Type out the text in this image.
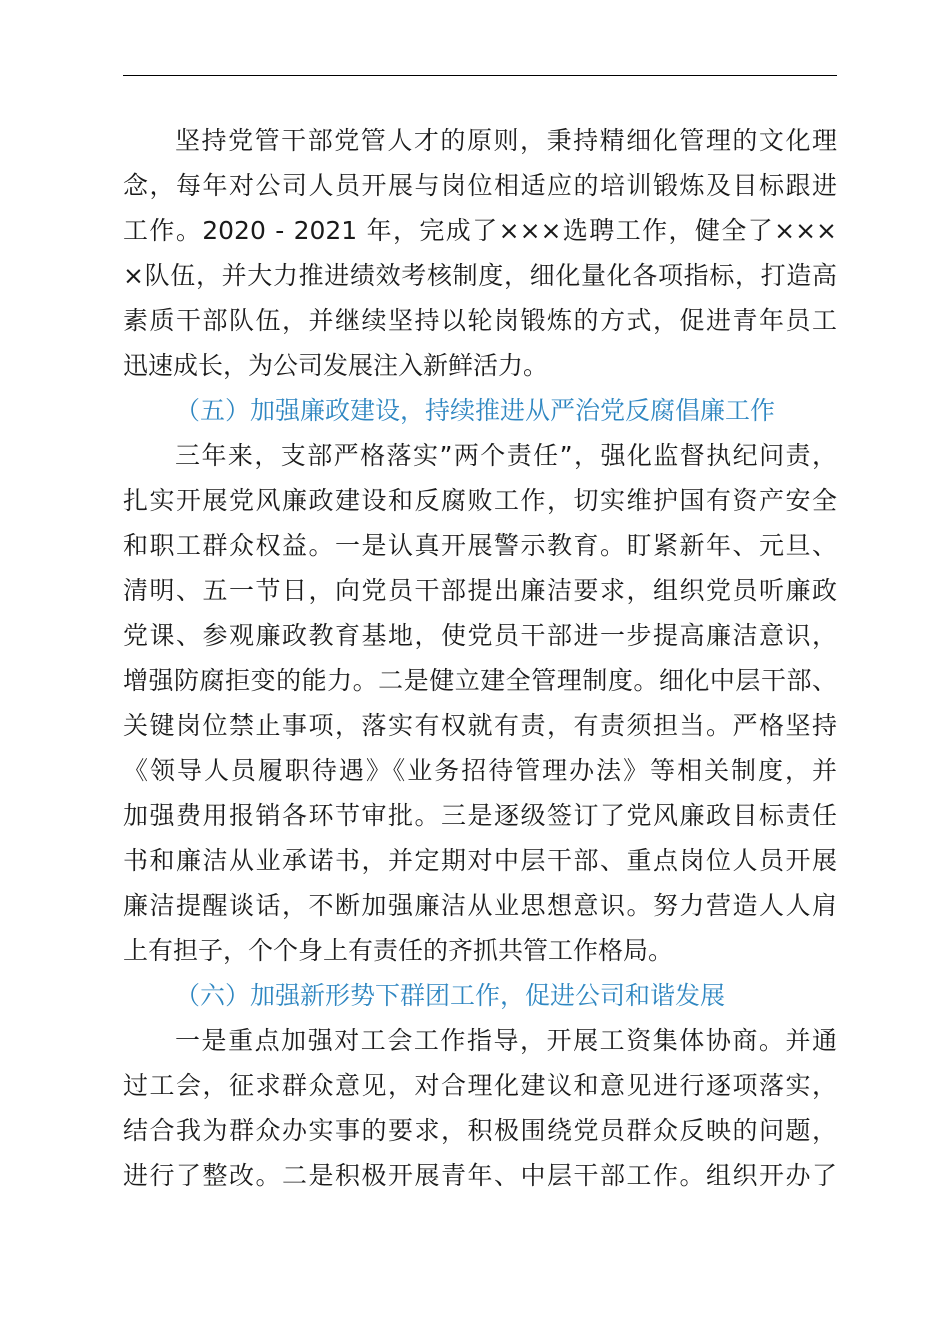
坚持党管干部党管人才的原则，秉持精细化管理的文化理
念，每年对公司人员开展与岗位相适应的培训锻炼及目标跟进
工作。2020 - 2021 年，完成了×××选聘工作，健全了×××
×队伍，并大力推进绩效考核制度，细化量化各项指标，打造高
素质干部队伍，并继续坚持以轮岗锻炼的方式，促进青年员工
迅速成长，为公司发展注入新鲜活力。
（五）加强廉政建设，持续推进从严治党反腐倡廉工作
三年来，支部严格落实”两个责任”，强化监督执纪问责，
扎实开展党风廉政建设和反腐败工作，切实维护国有资产安全
和职工群众权益。一是认真开展警示教育。盯紧新年、元旦、
清明、五一节日，向党员干部提出廉洁要求，组织党员听廉政
党课、参观廉政教育基地，使党员干部进一步提高廉洁意识，
增强防腐拒变的能力。二是健立建全管理制度。细化中层干部、
关键岗位禁止事项，落实有权就有责，有责须担当。严格坚持
《领导人员履职待遇》《业务招待管理办法》等相关制度，并
加强费用报销各环节审批。三是逐级签订了党风廉政目标责任
书和廉洁从业承诺书，并定期对中层干部、重点岗位人员开展
廉洁提醒谈话，不断加强廉洁从业思想意识。努力营造人人肩
上有担子，个个身上有责任的齐抓共管工作格局。
（六）加强新形势下群团工作，促进公司和谐发展
一是重点加强对工会工作指导，开展工资集体协商。并通
过工会，征求群众意见，对合理化建议和意见进行逐项落实，
结合我为群众办实事的要求，积极围绕党员群众反映的问题，
进行了整改。二是积极开展青年、中层干部工作。组织开办了
